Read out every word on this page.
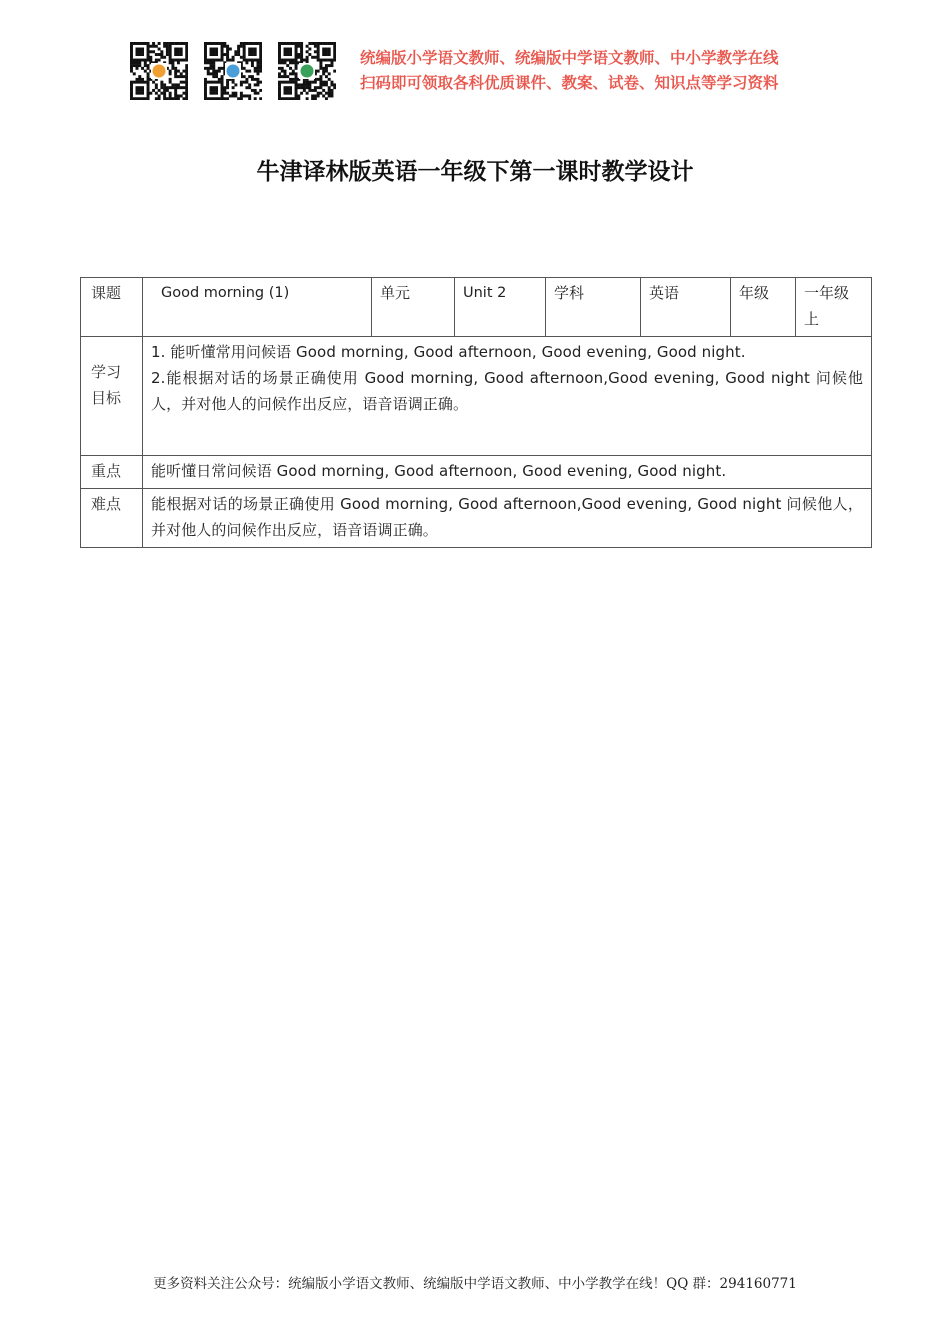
统编版小学语文教师、统编版中学语文教师、中小学教学在线
扫码即可领取各科优质课件、教案、试卷、知识点等学习资料
牛津译林版英语一年级下第一课时教学设计
课题	Good morning (1)	单元	Unit 2	学科	英语	年级	一年级上
学习目标	1. 能听懂常用问候语 Good morning, Good afternoon, Good evening, Good night.

2.能根据对话的场景正确使用 Good morning, Good afternoon,Good evening, Good night 问候他人，并对他人的问候作出反应，语音语调正确。						

重点	能听懂日常问候语 Good morning, Good afternoon, Good evening, Good night.						

难点	能根据对话的场景正确使用 Good morning, Good afternoon,Good evening, Good night 问候他人，并对他人的问候作出反应，语音语调正确。						

更多资料关注公众号：统编版小学语文教师、统编版中学语文教师、中小学教学在线！QQ 群：294160771
